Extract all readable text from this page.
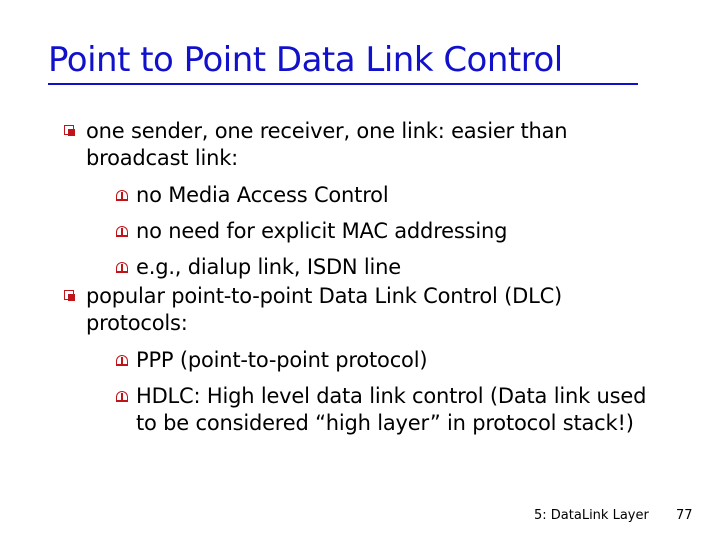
Point to Point Data Link Control
one sender, one receiver, one link: easier than broadcast link:
no Media Access Control
no need for explicit MAC addressing
e.g., dialup link, ISDN line
popular point-to-point Data Link Control (DLC) protocols:
PPP (point-to-point protocol)
HDLC: High level data link control (Data link used to be considered “high layer” in protocol stack!)
5: DataLink Layer 77
